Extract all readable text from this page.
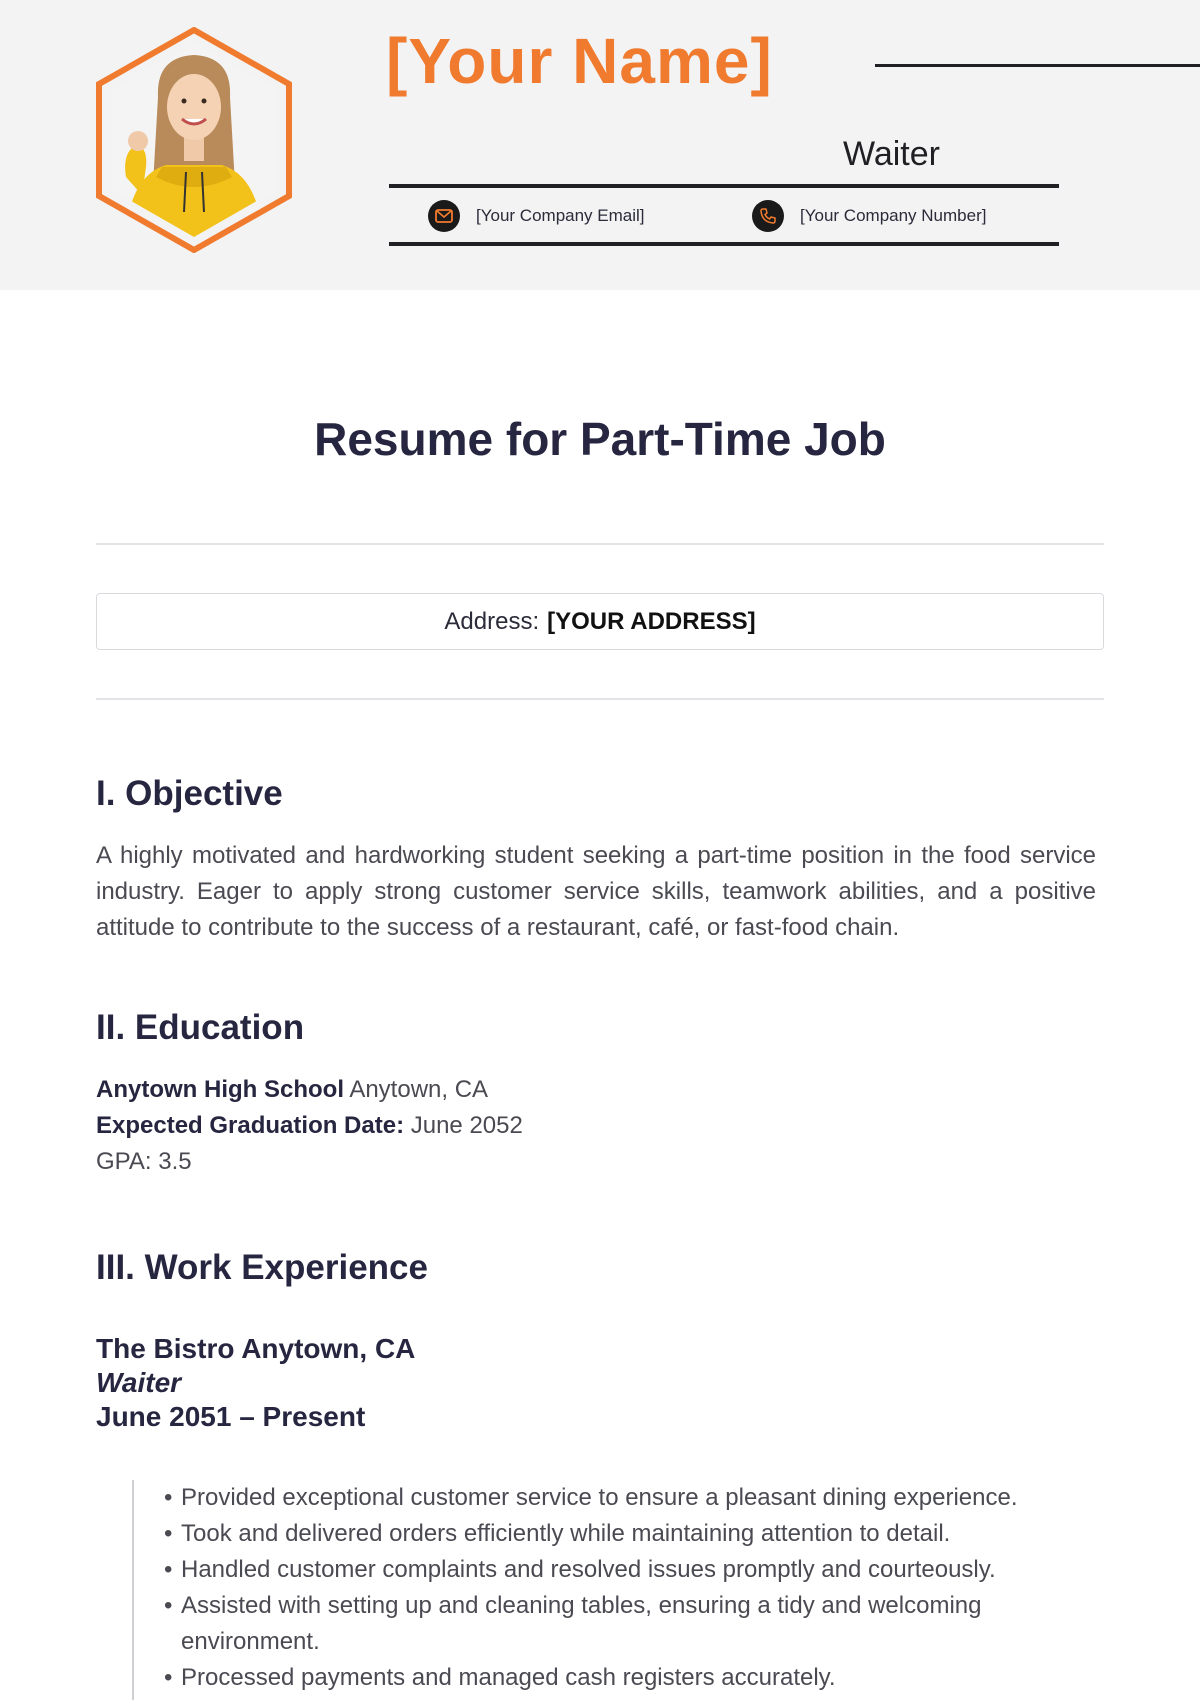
[Your Name]
Waiter
[Your Company Email]	[Your Company Number]
Resume for Part-Time Job
Address: [YOUR ADDRESS]
I. Objective

A highly motivated and hardworking student seeking a part-time position in the food service industry. Eager to apply strong customer service skills, teamwork abilities, and a positive attitude to contribute to the success of a restaurant, café, or fast-food chain.

II. Education
Anytown High School Anytown, CA
Expected Graduation Date: June 2052
GPA: 3.5
III. Work Experience
The Bistro Anytown, CA
Waiter
June 2051 – Present
• Provided exceptional customer service to ensure a pleasant dining experience.
• Took and delivered orders efficiently while maintaining attention to detail.
• Handled customer complaints and resolved issues promptly and courteously.
• Assisted with setting up and cleaning tables, ensuring a tidy and welcoming environment.
• Processed payments and managed cash registers accurately.
